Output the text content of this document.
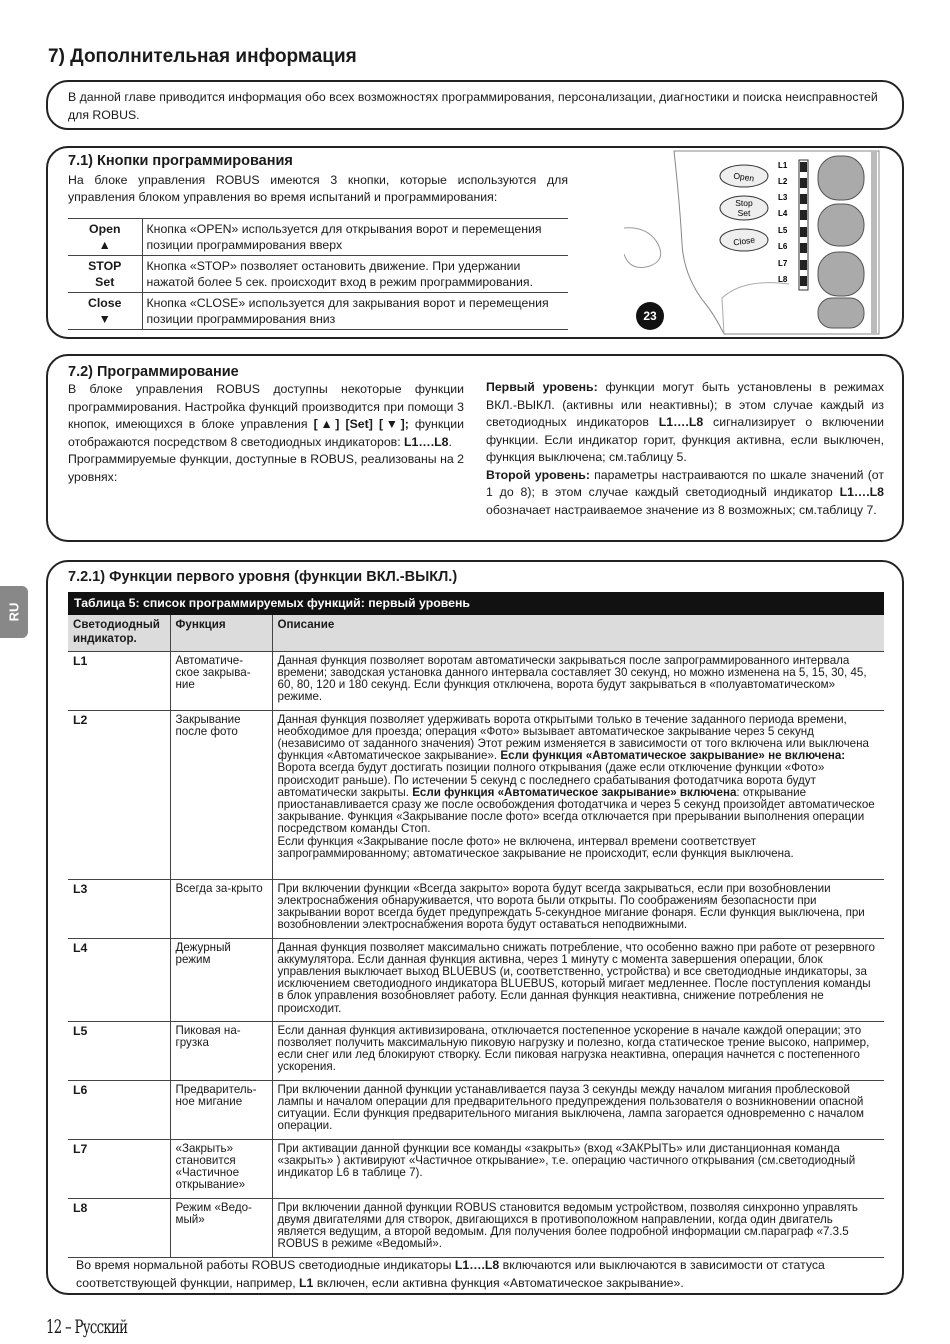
7) Дополнительная информация
В данной главе приводится информация обо всех возможностях программирования, персонализации, диагностики и поиска неисправностей для ROBUS.
7.1) Кнопки программирования
На блоке управления ROBUS имеются 3 кнопки, которые используются для управления блоком управления во время испытаний и программирования:
Open
▲	Кнопка «OPEN» используется для открывания ворот и перемещения позиции программирования вверх

STOP
Set	Кнопка «STOP» позволяет остановить движение. При удержании нажатой более 5 сек. происходит вход в режим программирования.

Close
▼	Кнопка «CLOSE» используется для закрывания ворот и перемещения позиции программирования вниз
Open
Stop
Set
Close
L1
L2
L3
L4
L5
L6
L7
L8
23
7.2) Программирование
В блоке управления ROBUS доступны некоторые функции программирования. Настройка функций производится при помощи 3 кнопок, имеющихся в блоке управления [▲] [Set] [▼]; функции отображаются посредством 8 светодиодных индикаторов: L1….L8.
Программируемые функции, доступные в ROBUS, реализованы на 2 уровнях:
Первый уровень: функции могут быть установлены в режимах ВКЛ.-ВЫКЛ. (активны или неактивны); в этом случае каждый из светодиодных индикаторов L1….L8 сигнализирует о включении функции. Если индикатор горит, функция активна, если выключен, функция выключена; см.таблицу 5.
Второй уровень: параметры настраиваются по шкале значений (от 1 до 8); в этом случае каждый светодиодный индикатор L1….L8 обозначает настраиваемое значение из 8 возможных; см.таблицу 7.
7.2.1) Функции первого уровня (функции ВКЛ.-ВЫКЛ.)
Таблица 5: список программируемых функций: первый уровень
Светодиодный индикатор.	Функция	Описание
L1	Автоматиче-ское закрыва-ние	Данная функция позволяет воротам автоматически закрываться после запрограммированного интервала времени; заводская установка данного интервала составляет 30 секунд, но можно изменена на 5, 15, 30, 45, 60, 80, 120 и 180 секунд. Если функция отключена, ворота будут закрываться в «полуавтоматическом» режиме.
L2	Закрывание после фото	Данная функция позволяет удерживать ворота открытыми только в течение заданного периода времени, необходимое для проезда; операция «Фото» вызывает автоматическое закрывание через 5 секунд (независимо от заданного значения) Этот режим изменяется в зависимости от того включена или выключена функция «Автоматическое закрывание». Если функция «Автоматическое закрывание» не включена: Ворота всегда будут достигать позиции полного открывания (даже если отключение функции «Фото» происходит раньше). По истечении 5 секунд с последнего срабатывания фотодатчика ворота будут автоматически закрыты. Если функция «Автоматическое закрывание» включена: открывание приостанавливается сразу же после освобождения фотодатчика и через 5 секунд произойдет автоматическое закрывание. Функция «Закрывание после фото» всегда отключается при прерывании выполнения операции посредством команды Стоп.
Если функция «Закрывание после фото» не включена, интервал времени соответствует запрограммированному; автоматическое закрывание не происходит, если функция выключена.

L3	Всегда за-крыто	При включении функции «Всегда закрыто» ворота будут всегда закрываться, если при возобновлении электроснабжения обнаруживается, что ворота были открыты. По соображениям безопасности при закрывании ворот всегда будет предупреждать 5-секундное мигание фонаря. Если функция выключена, при возобновлении электроснабжения ворота будут оставаться неподвижными.
L4	Дежурный режим	Данная функция позволяет максимально снижать потребление, что особенно важно при работе от резервного аккумулятора. Если данная функция активна, через 1 минуту с момента завершения операции, блок управления выключает выход BLUEBUS (и, соответственно, устройства) и все светодиодные индикаторы, за исключением светодиодного индикатора BLUEBUS, который мигает медленнее. После поступления команды в блок управления возобновляет работу. Если данная функция неактивна, снижение потребления не происходит.
L5	Пиковая на-грузка	Если данная функция активизирована, отключается постепенное ускорение в начале каждой операции; это позволяет получить максимальную пиковую нагрузку и полезно, когда статическое трение высоко, например, если снег или лед блокируют створку. Если пиковая нагрузка неактивна, операция начнется с постепенного ускорения.
L6	Предваритель-ное мигание	При включении данной функции устанавливается пауза 3 секунды между началом мигания проблесковой лампы и началом операции для предварительного предупреждения пользователя о возникновении опасной ситуации. Если функция предварительного мигания выключена, лампа загорается одновременно с началом операции.
L7	«Закрыть» становится «Частичное открывание»	При активации данной функции все команды «закрыть» (вход «ЗАКРЫТЬ» или дистанционная команда «закрыть» ) активируют «Частичное открывание», т.е. операцию частичного открывания (см.светодиодный индикатор L6 в таблице 7).
L8	Режим «Ведо-мый»	При включении данной функции ROBUS становится ведомым устройством, позволяя синхронно управлять двумя двигателями для створок, двигающихся в противоположном направлении, когда один двигатель является ведущим, а второй ведомым. Для получения более подробной информации см.параграф «7.3.5 ROBUS в режиме «Ведомый».
Во время нормальной работы ROBUS светодиодные индикаторы L1….L8 включаются или выключаются в зависимости от статуса соответствующей функции, например, L1 включен, если активна функция «Автоматическое закрывание».
RU
12 – Русский
